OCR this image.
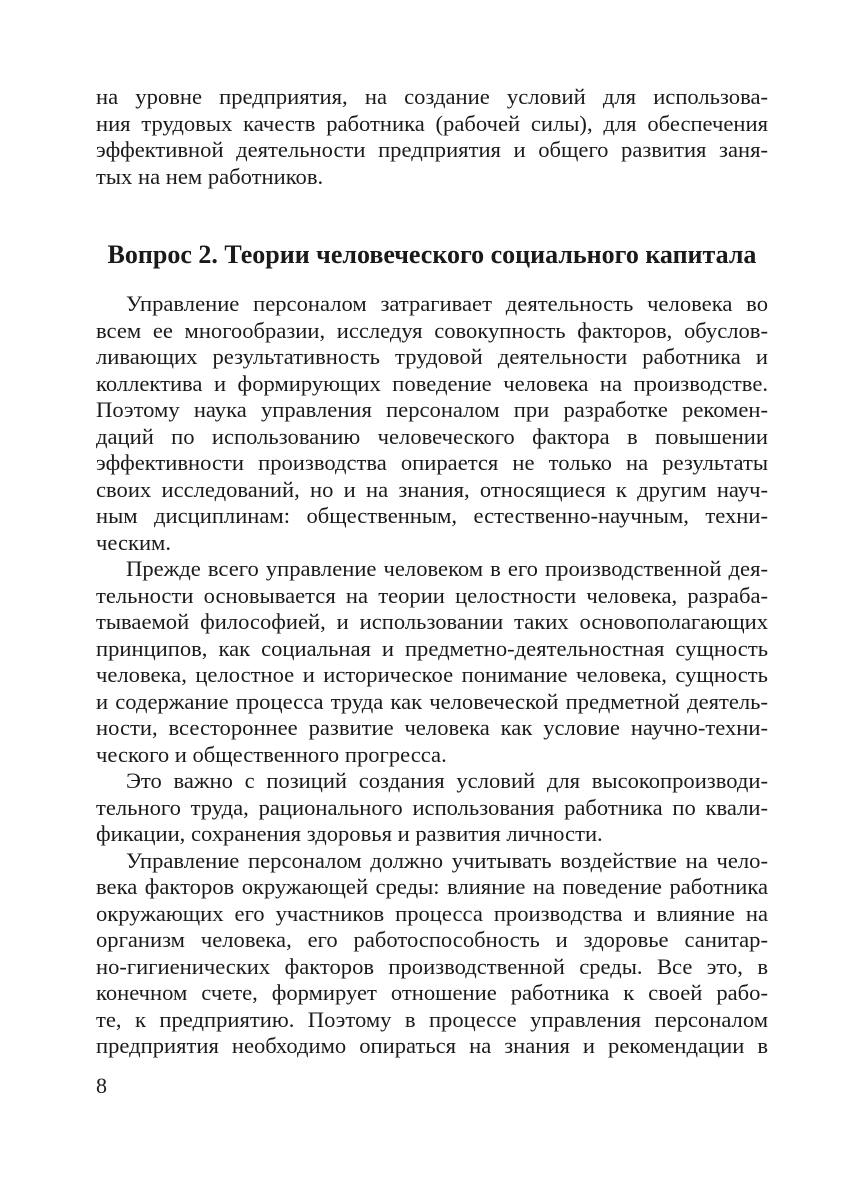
на уровне предприятия, на создание условий для использова-
ния трудовых качеств работника (рабочей силы), для обеспечения
эффективной деятельности предприятия и общего развития заня-
тых на нем работников.
Вопрос 2. Теории человеческого социального капитала
Управление персоналом затрагивает деятельность человека во
всем ее многообразии, исследуя совокупность факторов, обуслов-
ливающих результативность трудовой деятельности работника и
коллектива и формирующих поведение человека на производстве.
Поэтому наука управления персоналом при разработке рекомен-
даций по использованию человеческого фактора в повышении
эффективности производства опирается не только на результаты
своих исследований, но и на знания, относящиеся к другим науч-
ным дисциплинам: общественным, естественно-научным, техни-
ческим.
Прежде всего управление человеком в его производственной дея-
тельности основывается на теории целостности человека, разраба-
тываемой философией, и использовании таких основополагающих
принципов, как социальная и предметно-деятельностная сущность
человека, целостное и историческое понимание человека, сущность
и содержание процесса труда как человеческой предметной деятель-
ности, всестороннее развитие человека как условие научно-техни-
ческого и общественного прогресса.
Это важно с позиций создания условий для высокопроизводи-
тельного труда, рационального использования работника по квали-
фикации, сохранения здоровья и развития личности.
Управление персоналом должно учитывать воздействие на чело-
века факторов окружающей среды: влияние на поведение работника
окружающих его участников процесса производства и влияние на
организм человека, его работоспособность и здоровье санитар-
но-гигиенических факторов производственной среды. Все это, в
конечном счете, формирует отношение работника к своей рабо-
те, к предприятию. Поэтому в процессе управления персоналом
предприятия необходимо опираться на знания и рекомендации в
8
